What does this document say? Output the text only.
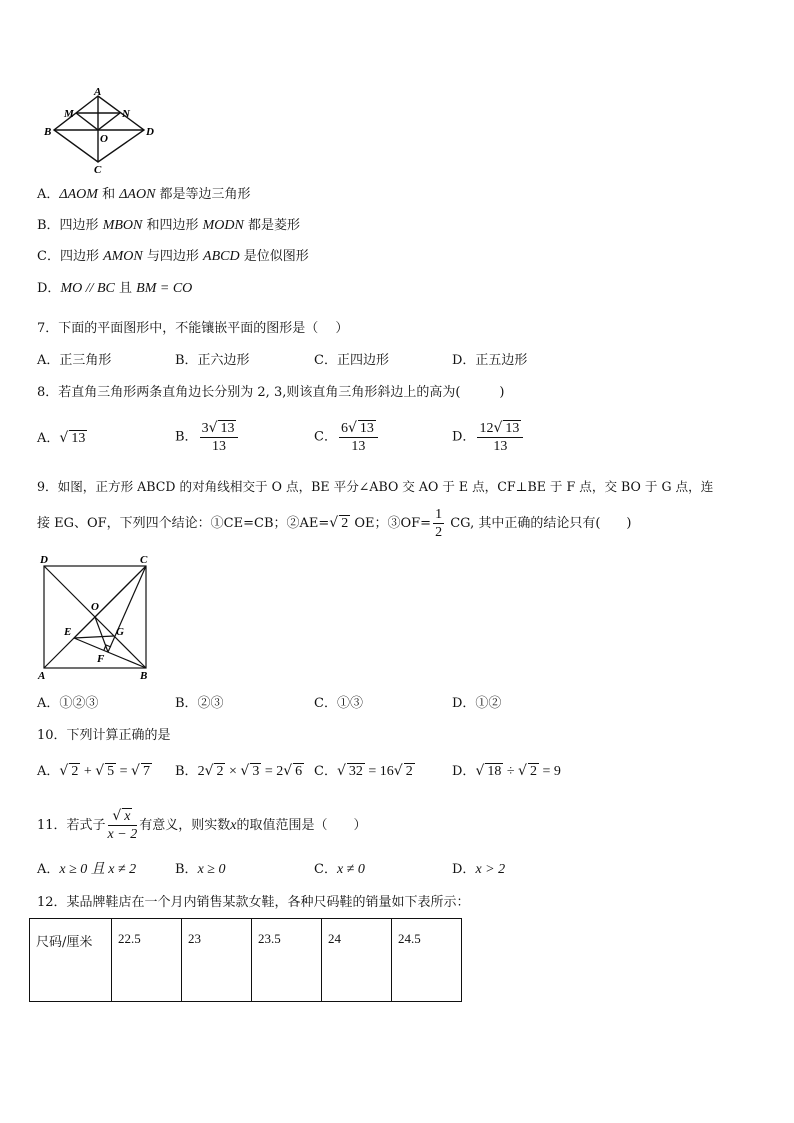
A
M	N
B
O
D
C
A．ΔAOM 和 ΔAON 都是等边三角形
B．四边形 MBON 和四边形 MODN 都是菱形
C．四边形 AMON 与四边形 ABCD 是位似图形
D．MO // BC 且 BM = CO
7．下面的平面图形中，不能镶嵌平面的图形是（　 ）
A．正三角形	B．正六边形	C．正四边形	D．正五边形
8．若直角三角形两条直角边长分别为 2, 3,则该直角三角形斜边上的高为(　　　)
A．√ 13	B． $\frac{3√ 13}{13}$	C． $\frac{6√ 13}{13}$	D． $\frac{12√ 13}{13}$
9．如图，正方形 ABCD 的对角线相交于 O 点，BE 平分∠ABO 交 AO 于 E 点，CF⊥BE 于 F 点，交 BO 于 G 点，连
接 EG、OF，下列四个结论：①CE=CB；②AE=√ 2 OE；③OF= $\frac{1}{2}$ CG, 其中正确的结论只有(　　)
D	C
O
E	G
F
A	B
A．①②③	B．②③	C．①③	D．①②
10．下列计算正确的是
A．√ 2 + √ 5 = √ 7 B．2√ 2 × √ 3 = 2√ 6 C．√ 32 = 16√ 2	D．√ 18 ÷ √ 2 = 9
11．若式子 $\frac{√ x}{x - 2}$ 有意义，则实数x的取值范围是（　　）
A．x ≥ 0 且 x ≠ 2	B．x ≥ 0	C．x ≠ 0	D．x > 2
12．某品牌鞋店在一个月内销售某款女鞋，各种尺码鞋的销量如下表所示：
尺码/厘米	22.5	23	23.5	24	24.5
